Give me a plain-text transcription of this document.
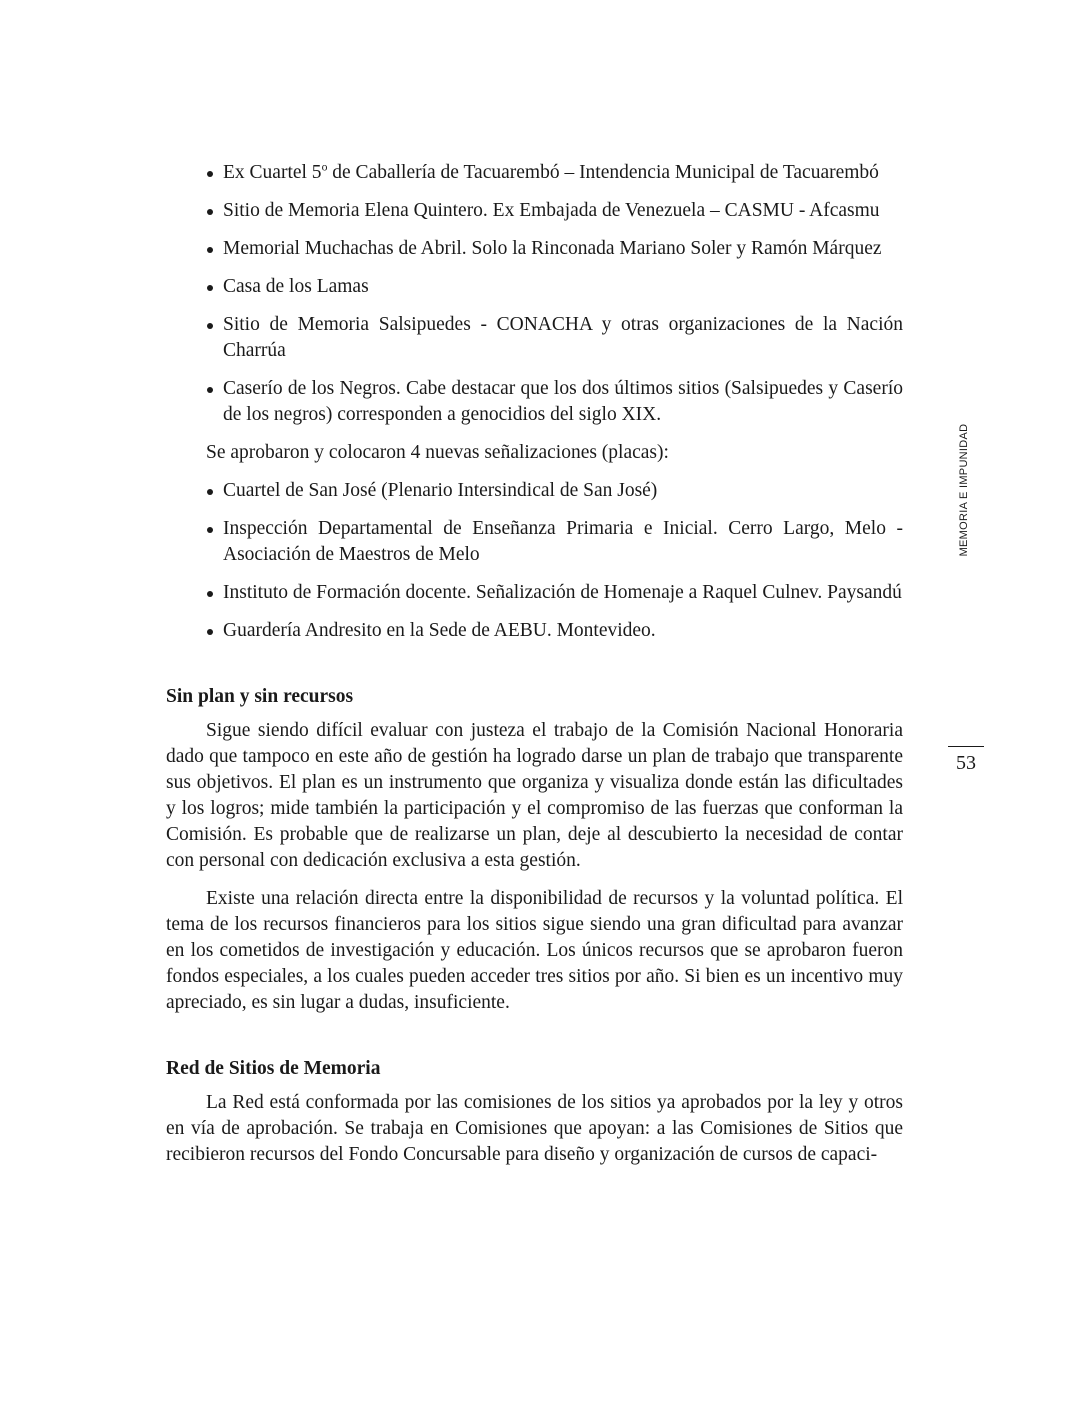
Ex Cuartel 5$^o$ de Caballería de Tacuarembó – Intendencia Municipal de Tacuarembó
Sitio de Memoria Elena Quintero. Ex Embajada de Venezuela – CASMU - Afcasmu
Memorial Muchachas de Abril. Solo la Rinconada Mariano Soler y Ramón Márquez
Casa de los Lamas
Sitio de Memoria Salsipuedes - CONACHA y otras organizaciones de la Nación Charrúa
Caserío de los Negros. Cabe destacar que los dos últimos sitios (Salsipuedes y Caserío de los negros) corresponden a genocidios del siglo XIX.

Se aprobaron y colocaron 4 nuevas señalizaciones (placas):

Cuartel de San José (Plenario Intersindical de San José)
Inspección Departamental de Enseñanza Primaria e Inicial. Cerro Largo, Melo - Asociación de Maestros de Melo
Instituto de Formación docente. Señalización de Homenaje a Raquel Culnev. Paysandú
Guardería Andresito en la Sede de AEBU. Montevideo.
Sin plan y sin recursos

Sigue siendo difícil evaluar con justeza el trabajo de la Comisión Nacional Honoraria dado que tampoco en este año de gestión ha logrado darse un plan de trabajo que transparente sus objetivos. El plan es un instrumento que organiza y visualiza donde están las dificultades y los logros; mide también la participación y el compromiso de las fuerzas que conforman la Comisión. Es probable que de realizarse un plan, deje al descubierto la necesidad de contar con personal con dedicación exclusiva a esta gestión.

Existe una relación directa entre la disponibilidad de recursos y la voluntad política. El tema de los recursos financieros para los sitios sigue siendo una gran dificultad para avanzar en los cometidos de investigación y educación. Los únicos recursos que se aprobaron fueron fondos especiales, a los cuales pueden acceder tres sitios por año. Si bien es un incentivo muy apreciado, es sin lugar a dudas, insuficiente.

Red de Sitios de Memoria

La Red está conformada por las comisiones de los sitios ya aprobados por la ley y otros en vía de aprobación. Se trabaja en Comisiones que apoyan: a las Comisiones de Sitios que recibieron recursos del Fondo Concursable para diseño y organización de cursos de capaci-

MEMORIA E IMPUNIDAD
53
